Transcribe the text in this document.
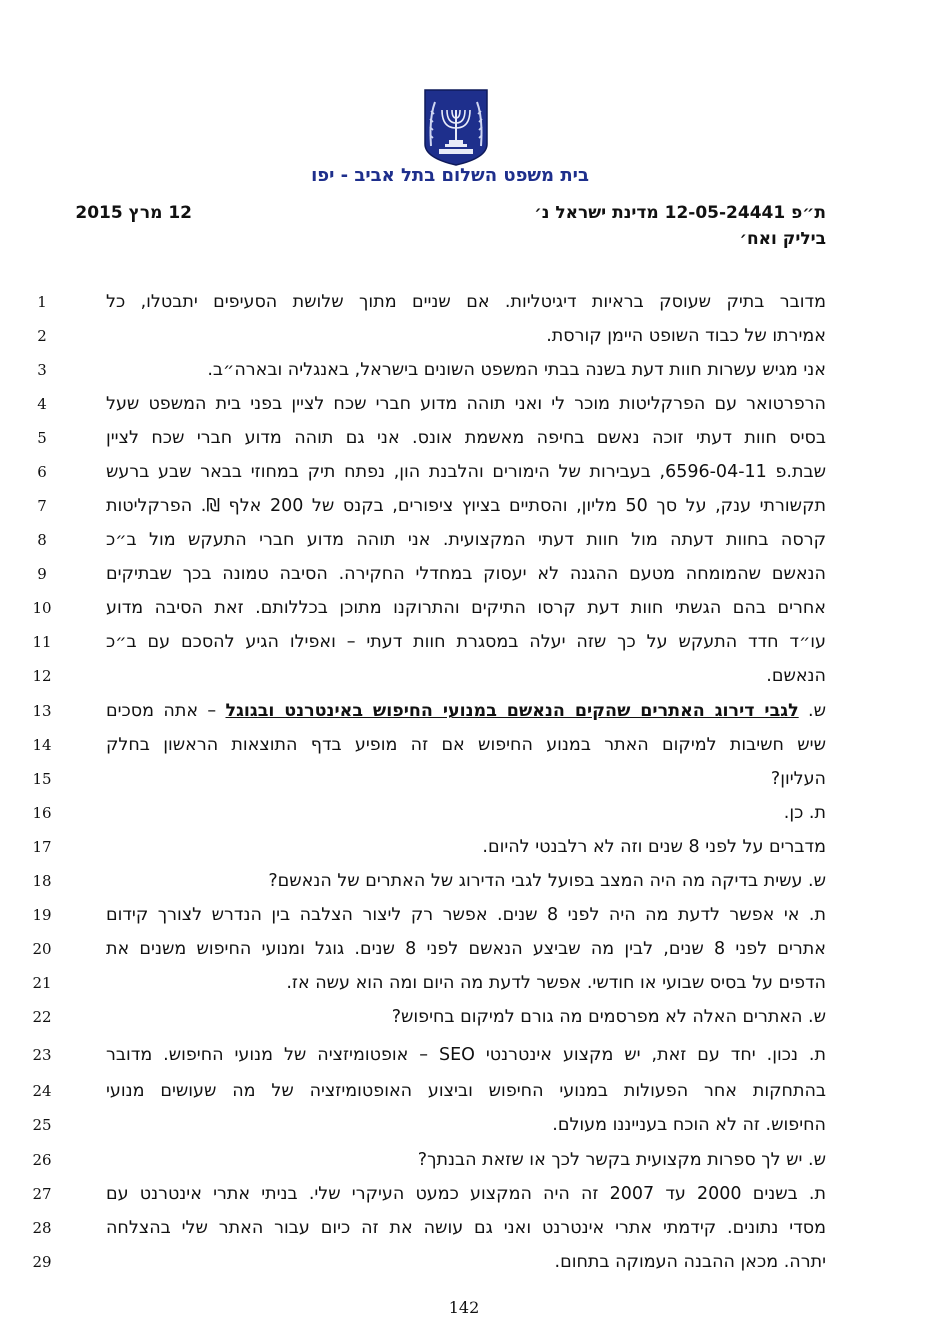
בית משפט השלום בתל אביב - יפו
ת״פ 12-05-24441 מדינת ישראל נ׳
ביליק ואח׳
12 מרץ 2015
מדובר בתיק שעוסק בראיות דיגיטליות. אם שניים מתוך שלושת הסעיפים יתבטלו, כל
1
אמירתו של כבוד השופט היימן קורסת.
2
אני מגיש עשרות חוות דעת בשנה בבתי המשפט השונים בישראל, באנגליה ובארה״ב.
3
הרפרטואר עם הפרקליטות מוכר לי ואני תוהה מדוע חברי שכח לציין בפני בית המשפט שעל
4
בסיס חוות דעתי זוכה נאשם בחיפה מאשמת אונס. אני גם תוהה מדוע חברי שכח לציין
5
שבת.פ 6596-04-11, בעבירות של הימורים והלבנת הון, נפתח תיק במחוזי בבאר שבע ברעש
6
תקשורתי ענק, על סך 50 מליון, והסתיים בציוץ ציפורים, בקנס של 200 אלף ₪. הפרקליטות
7
קרסה בחוות דעתה מול חוות דעתי המקצועית. אני תוהה מדוע חברי התעקש מול ב״כ
8
הנאשם שהמומחה מטעם ההגנה לא יעסוק במחדלי החקירה. הסיבה טמונה בכך שבתיקים
9
אחרים בהם הגשתי חוות דעת קרסו התיקים והתרוקנו מתוכן בכללותם. זאת הסיבה מדוע
10
עו״ד חדד התעקש על כך שזה יעלה במסגרת חוות דעתי – ואפילו הגיע להסכם עם ב״כ
11
הנאשם.
12
ש. לגבי דירוג האתרים שהקים הנאשם במנועי החיפוש באינטרנט ובגוגל – אתה מסכים
13
שיש חשיבות למיקום האתר במנוע החיפוש אם זה מופיע בדף התוצאות הראשון בחלק
14
העליון?
15
ת. כן.
16
מדברים על לפני 8 שנים וזה לא רלבנטי להיום.
17
ש. עשית בדיקה מה היה המצב בפועל לגבי הדירוג של האתרים של הנאשם?
18
ת. אי אפשר לדעת מה היה לפני 8 שנים. אפשר רק ליצור הצלבה בין הנדרש לצורך קידום
19
אתרים לפני 8 שנים, לבין מה שביצע הנאשם לפני 8 שנים. גוגל ומנועי החיפוש משנים את
20
הדפים על בסיס שבועי או חודשי. אפשר לדעת מה היום ומה הוא עשה אז.
21
ש. האתרים האלה לא מפרסמים מה גורם למיקום בחיפוש?
22
ת. נכון. יחד עם זאת, יש מקצוע אינטרנטי SEO – אופטומיזציה של מנועי החיפוש. מדובר
23
בהתחקות אחר הפעולות במנועי החיפוש וביצוע האופטומיזציה של מה שעושים מנועי
24
החיפוש. זה לא הוכח בענייננו מעולם.
25
ש. יש לך ספרות מקצועית בקשר לכך או שזאת הבנתך?
26
ת. בשנים 2000 עד 2007 זה היה המקצוע כמעט העיקרי שלי. בניתי אתרי אינטרנט עם
27
מסדי נתונים. קידמתי אתרי אינטרנט ואני גם עושה את זה כיום עבור האתר שלי בהצלחה
28
יתרה. מכאן ההבנה העמוקה בתחום.
29
142
